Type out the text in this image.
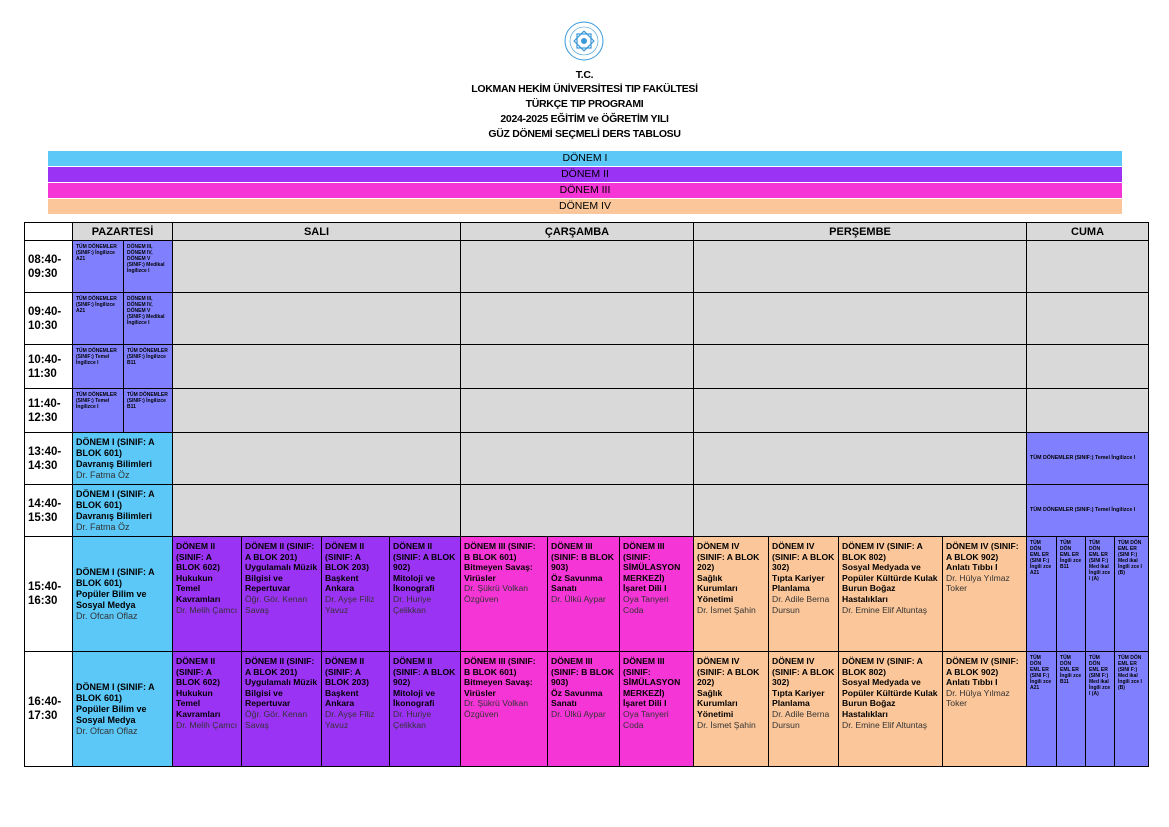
T.C.
LOKMAN HEKİM ÜNİVERSİTESİ TIP FAKÜLTESİ
TÜRKÇE TIP PROGRAMI
2024-2025 EĞİTİM ve ÖĞRETİM YILI
GÜZ DÖNEMİ SEÇMELİ DERS TABLOSU
DÖNEM I
DÖNEM II
DÖNEM III
DÖNEM IV
	PAZARTESİ		SALI				ÇARŞAMBA			PERŞEMBE				CUMA			
08:40-09:30	TÜM DÖNEMLER (SINIF:) İngilizce A21	DÖNEM III, DÖNEM IV, DÖNEM V (SINIF:) Medikal İngilizce I															
09:40-10:30	TÜM DÖNEMLER (SINIF:) İngilizce A21	DÖNEM III, DÖNEM IV, DÖNEM V (SINIF:) Medikal İngilizce I															
10:40-11:30	TÜM DÖNEMLER (SINIF:) Temel İngilizce I	TÜM DÖNEMLER (SINIF:) İngilizce B11															
11:40-12:30	TÜM DÖNEMLER (SINIF:) Temel İngilizce I	TÜM DÖNEMLER (SINIF:) İngilizce B11															
13:40-14:30	DÖNEM I (SINIF: A BLOK 601)
Davranış Bilimleri
Dr. Fatma Öz													TÜM DÖNEMLER (SINIF:) Temel İngilizce I			
14:40-15:30	DÖNEM I (SINIF: A BLOK 601)
Davranış Bilimleri
Dr. Fatma Öz													TÜM DÖNEMLER (SINIF:) Temel İngilizce I			
15:40-16:30	DÖNEM I (SINIF: A BLOK 601)
Popüler Bilim ve Sosyal Medya
Dr. Ofcan Oflaz		DÖNEM II (SINIF: A BLOK 602)
Hukukun Temel Kavramları
Dr. Melih Çamcı	DÖNEM II (SINIF: A BLOK 201)
Uygulamalı Müzik Bilgisi ve Repertuvar
Öğr. Gör. Kenan Savaş	DÖNEM II (SINIF: A BLOK 203)
Başkent Ankara
Dr. Ayşe Filiz Yavuz	DÖNEM II (SINIF: A BLOK 902)
Mitoloji ve İkonografi
Dr. Huriye Çelikkan	DÖNEM III (SINIF: B BLOK 601)
Bitmeyen Savaş: Virüsler
Dr. Şükrü Volkan Özgüven	DÖNEM III (SINIF: B BLOK 903)
Öz Savunma Sanatı
Dr. Ülkü Aypar	DÖNEM III (SINIF: SİMÜLASYON MERKEZİ)
İşaret Dili I
Oya Tanyeri Coda	DÖNEM IV (SINIF: A BLOK 202)
Sağlık Kurumları Yönetimi
Dr. İsmet Şahin	DÖNEM IV (SINIF: A BLOK 302)
Tıpta Kariyer Planlama
Dr. Adile Berna Dursun	DÖNEM IV (SINIF: A BLOK 802)
Sosyal Medyada ve Popüler Kültürde Kulak Burun Boğaz Hastalıkları
Dr. Emine Elif Altuntaş	DÖNEM IV (SINIF: A BLOK 902)
Anlatı Tıbbı I
Dr. Hülya Yılmaz Toker	TÜM DÖN EML ER (SINI F:) İngili zce A21	TÜM DÖN EML ER İngili zce B11	TÜM DÖN EML ER (SINI F:) Med ikal İngili zce I (A)	TÜM DÖN EML ER (SINI F:) Med ikal İngili zce I (B)
16:40-17:30	DÖNEM I (SINIF: A BLOK 601)
Popüler Bilim ve Sosyal Medya
Dr. Ofcan Oflaz		DÖNEM II (SINIF: A BLOK 602)
Hukukun Temel Kavramları
Dr. Melih Çamcı	DÖNEM II (SINIF: A BLOK 201)
Uygulamalı Müzik Bilgisi ve Repertuvar
Öğr. Gör. Kenan Savaş	DÖNEM II (SINIF: A BLOK 203)
Başkent Ankara
Dr. Ayşe Filiz Yavuz	DÖNEM II (SINIF: A BLOK 902)
Mitoloji ve İkonografi
Dr. Huriye Çelikkan	DÖNEM III (SINIF: B BLOK 601)
Bitmeyen Savaş: Virüsler
Dr. Şükrü Volkan Özgüven	DÖNEM III (SINIF: B BLOK 903)
Öz Savunma Sanatı
Dr. Ülkü Aypar	DÖNEM III (SINIF: SİMÜLASYON MERKEZİ)
İşaret Dili I
Oya Tanyeri Coda	DÖNEM IV (SINIF: A BLOK 202)
Sağlık Kurumları Yönetimi
Dr. İsmet Şahin	DÖNEM IV (SINIF: A BLOK 302)
Tıpta Kariyer Planlama
Dr. Adile Berna Dursun	DÖNEM IV (SINIF: A BLOK 802)
Sosyal Medyada ve Popüler Kültürde Kulak Burun Boğaz Hastalıkları
Dr. Emine Elif Altuntaş	DÖNEM IV (SINIF: A BLOK 902)
Anlatı Tıbbı I
Dr. Hülya Yılmaz Toker	TÜM DÖN EML ER (SINI F:) İngili zce A21	TÜM DÖN EML ER İngili zce B11	TÜM DÖN EML ER (SINI F:) Med ikal İngili zce I (A)	TÜM DÖN EML ER (SINI F:) Med ikal İngili zce I (B)
